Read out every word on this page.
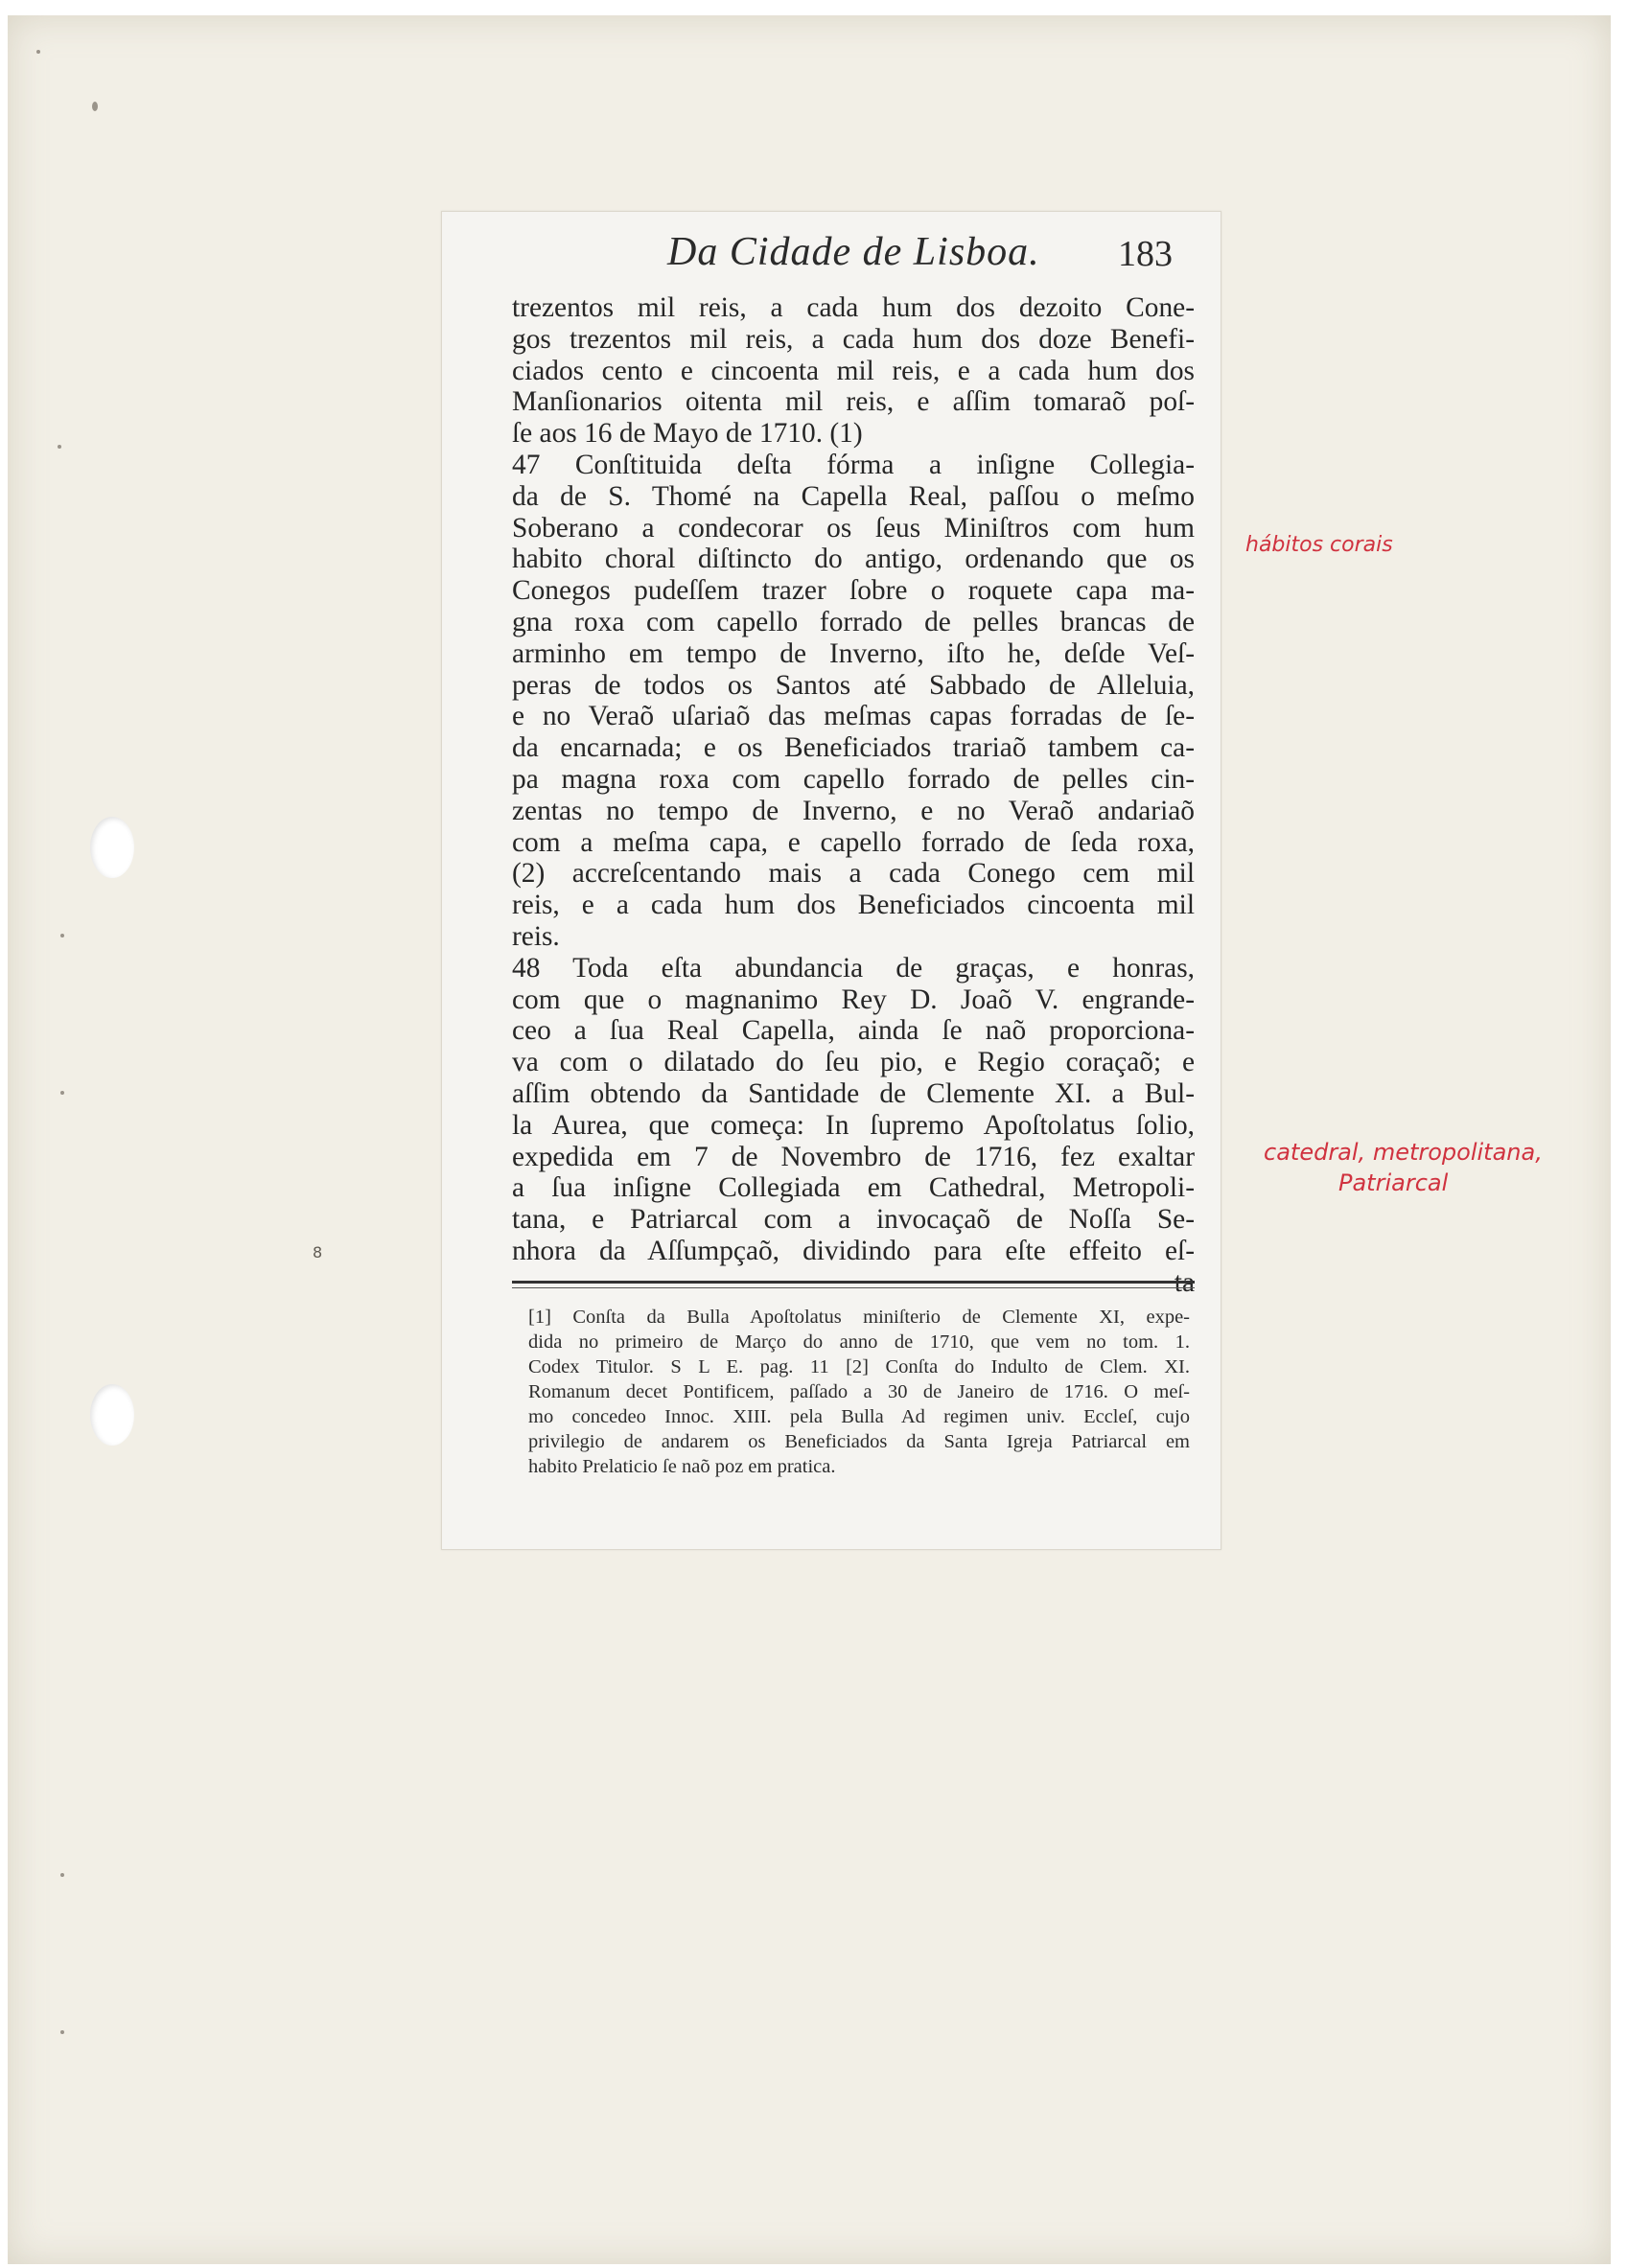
Da Cidade de Lisboa. 183
trezentos mil reis, a cada hum dos dezoito Cone-
gos trezentos mil reis, a cada hum dos doze Benefi-
ciados cento e cincoenta mil reis, e a cada hum dos
Manſionarios oitenta mil reis, e aſſim tomaraõ poſ-
ſe aos 16 de Mayo de 1710. (1)
47 Conſtituida deſta fórma a inſigne Collegia-
da de S. Thomé na Capella Real, paſſou o meſmo
Soberano a condecorar os ſeus Miniſtros com hum
habito choral diſtincto do antigo, ordenando que os
Conegos pudeſſem trazer ſobre o roquete capa ma-
gna roxa com capello forrado de pelles brancas de
arminho em tempo de Inverno, iſto he, deſde Veſ-
peras de todos os Santos até Sabbado de Alleluia,
e no Veraõ uſariaõ das meſmas capas forradas de ſe-
da encarnada; e os Beneficiados trariaõ tambem ca-
pa magna roxa com capello forrado de pelles cin-
zentas no tempo de Inverno, e no Veraõ andariaõ
com a meſma capa, e capello forrado de ſeda roxa,
(2) accreſcentando mais a cada Conego cem mil
reis, e a cada hum dos Beneficiados cincoenta mil
reis.
48 Toda eſta abundancia de graças, e honras,
com que o magnanimo Rey D. Joaõ V. engrande-
ceo a ſua Real Capella, ainda ſe naõ proporciona-
va com o dilatado do ſeu pio, e Regio coraçaõ; e
aſſim obtendo da Santidade de Clemente XI. a Bul-
la Aurea, que começa: In ſupremo Apoſtolatus ſolio,
expedida em 7 de Novembro de 1716, fez exaltar
a ſua inſigne Collegiada em Cathedral, Metropoli-
tana, e Patriarcal com a invocaçaõ de Noſſa Se-
nhora da Aſſumpçaõ, dividindo para eſte effeito eſ-
ta
[1] Conſta da Bulla Apoſtolatus miniſterio de Clemente XI, expe-
dida no primeiro de Março do anno de 1710, que vem no tom. 1.
Codex Titulor. S L E. pag. 11 [2] Conſta do Indulto de Clem. XI.
Romanum decet Pontificem, paſſado a 30 de Janeiro de 1716. O meſ-
mo concedeo Innoc. XIII. pela Bulla Ad regimen univ. Eccleſ, cujo
privilegio de andarem os Beneficiados da Santa Igreja Patriarcal em
habito Prelaticio ſe naõ poz em pratica.
hábitos corais
catedral, metropolitana,
Patriarcal
8
